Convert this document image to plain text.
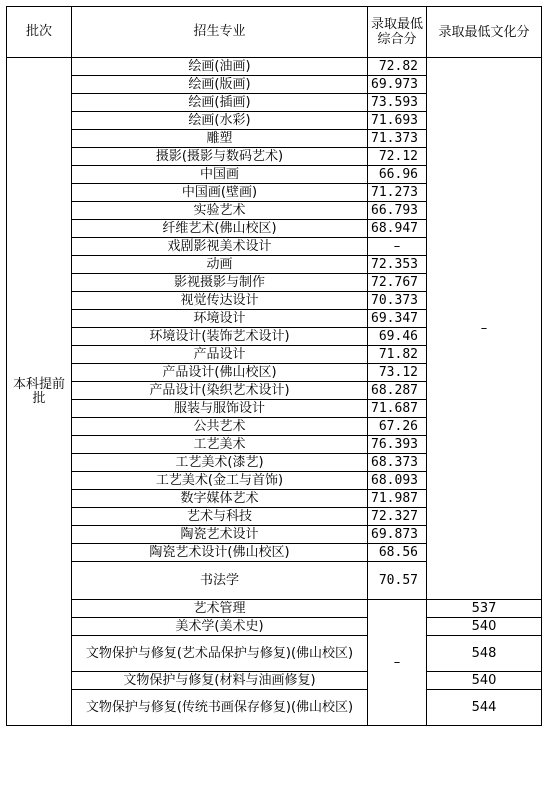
批次	招生专业	录取最低综合分	录取最低文化分
本科提前批	绘画(油画)	72.82	–
	绘画(版画)	69.973	
	绘画(插画)	73.593	
	绘画(水彩)	71.693	
	雕塑	71.373	
	摄影(摄影与数码艺术)	72.12	
	中国画	66.96	
	中国画(壁画)	71.273	
	实验艺术	66.793	
	纤维艺术(佛山校区)	68.947	
	戏剧影视美术设计	–	
	动画	72.353	
	影视摄影与制作	72.767	
	视觉传达设计	70.373	
	环境设计	69.347	
	环境设计(装饰艺术设计)	69.46	
	产品设计	71.82	
	产品设计(佛山校区)	73.12	
	产品设计(染织艺术设计)	68.287	
	服装与服饰设计	71.687	
	公共艺术	67.26	
	工艺美术	76.393	
	工艺美术(漆艺)	68.373	
	工艺美术(金工与首饰)	68.093	
	数字媒体艺术	71.987	
	艺术与科技	72.327	
	陶瓷艺术设计	69.873	
	陶瓷艺术设计(佛山校区)	68.56	
	书法学	70.57	
	艺术管理	–	537
	美术学(美术史)		540
	文物保护与修复(艺术品保护与修复)(佛山校区)		548
	文物保护与修复(材料与油画修复)		540
	文物保护与修复(传统书画保存修复)(佛山校区)		544
